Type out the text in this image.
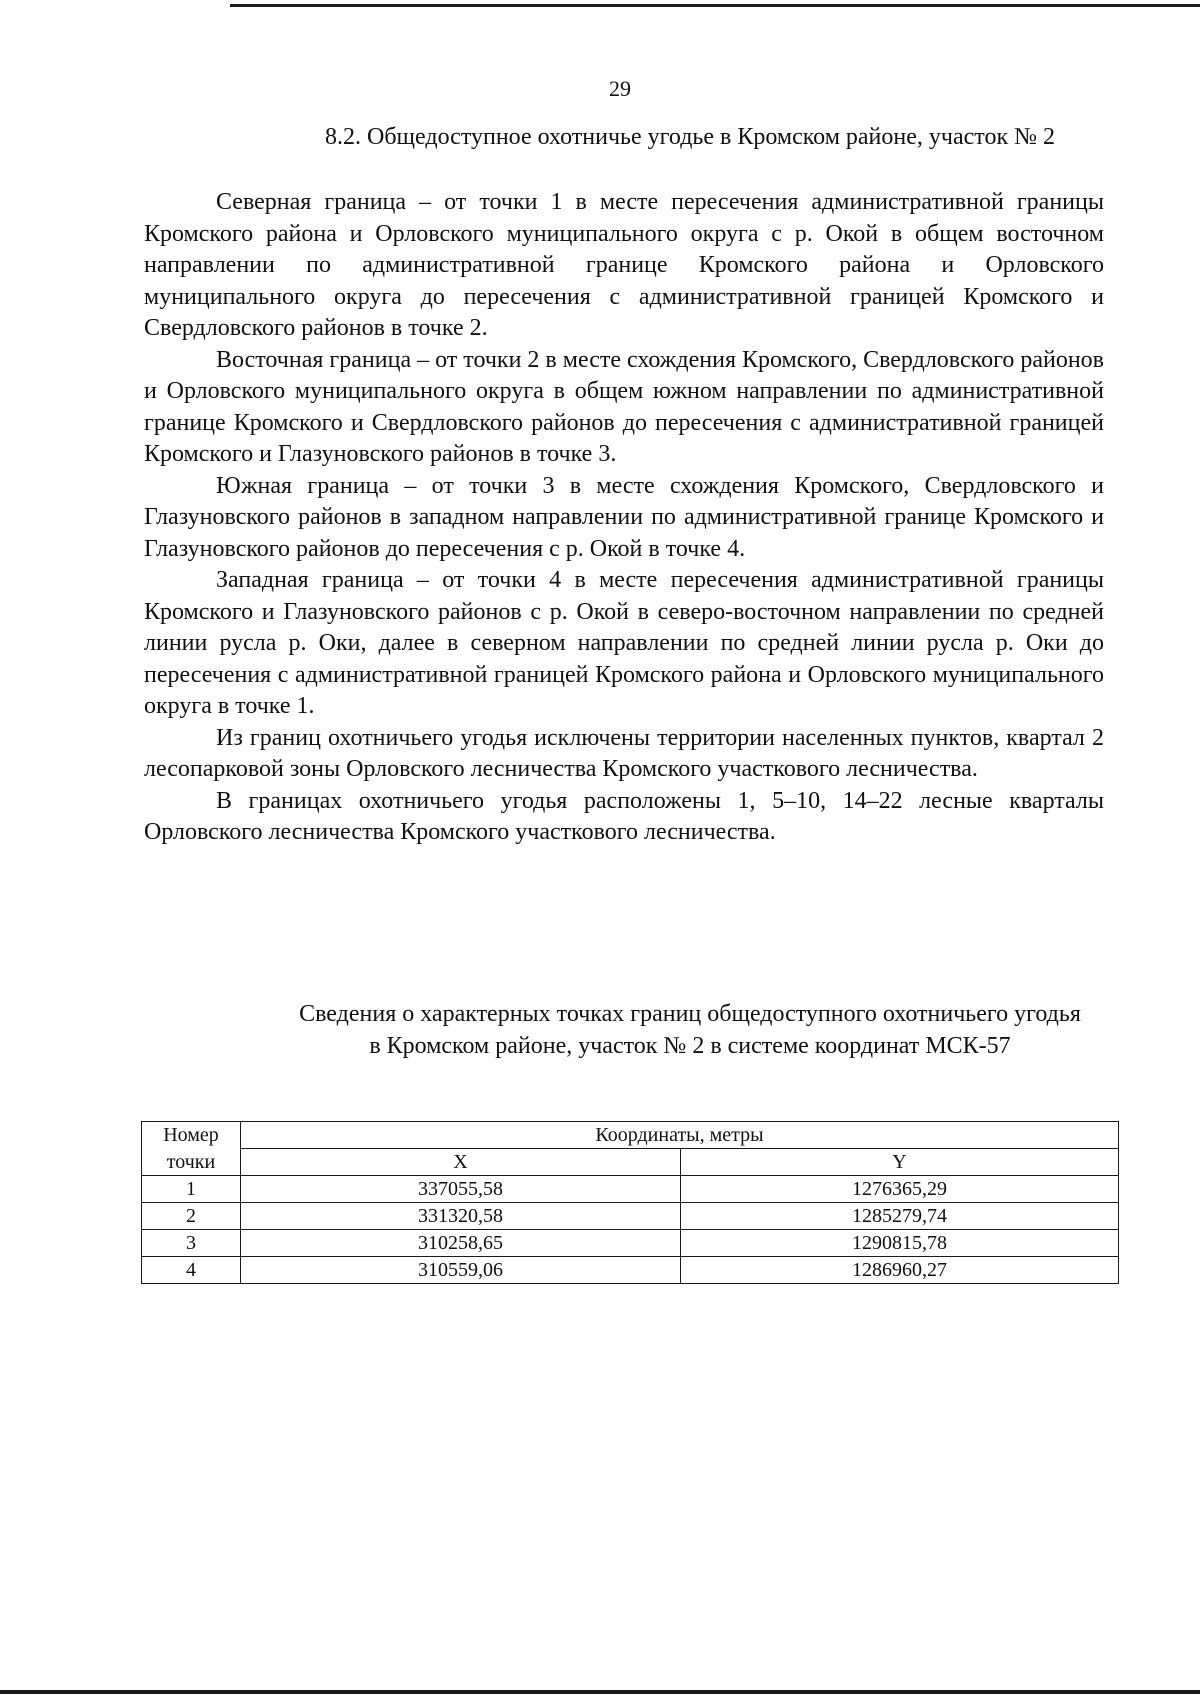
29
8.2. Общедоступное охотничье угодье в Кромском районе, участок № 2

Северная граница – от точки 1 в месте пересечения административной границы Кромского района и Орловского муниципального округа с р. Окой в общем восточном направлении по административной границе Кромского района и Орловского муниципального округа до пересечения с административной границей Кромского и Свердловского районов в точке 2.

Восточная граница – от точки 2 в месте схождения Кромского, Свердловского районов и Орловского муниципального округа в общем южном направлении по административной границе Кромского и Свердловского районов до пересечения с административной границей Кромского и Глазуновского районов в точке 3.

Южная граница – от точки 3 в месте схождения Кромского, Свердловского и Глазуновского районов в западном направлении по административной границе Кромского и Глазуновского районов до пересечения с р. Окой в точке 4.

Западная граница – от точки 4 в месте пересечения административной границы Кромского и Глазуновского районов с р. Окой в северо-восточном направлении по средней линии русла р. Оки, далее в северном направлении по средней линии русла р. Оки до пересечения с административной границей Кромского района и Орловского муниципального округа в точке 1.

Из границ охотничьего угодья исключены территории населенных пунктов, квартал 2 лесопарковой зоны Орловского лесничества Кромского участкового лесничества.

В границах охотничьего угодья расположены 1, 5–10, 14–22 лесные кварталы Орловского лесничества Кромского участкового лесничества.

Сведения о характерных точках границ общедоступного охотничьего угодья
в Кромском районе, участок № 2 в системе координат МСК-57
Номер	Координаты, метры	
точки	X	Y
1	337055,58	1276365,29
2	331320,58	1285279,74
3	310258,65	1290815,78
4	310559,06	1286960,27
